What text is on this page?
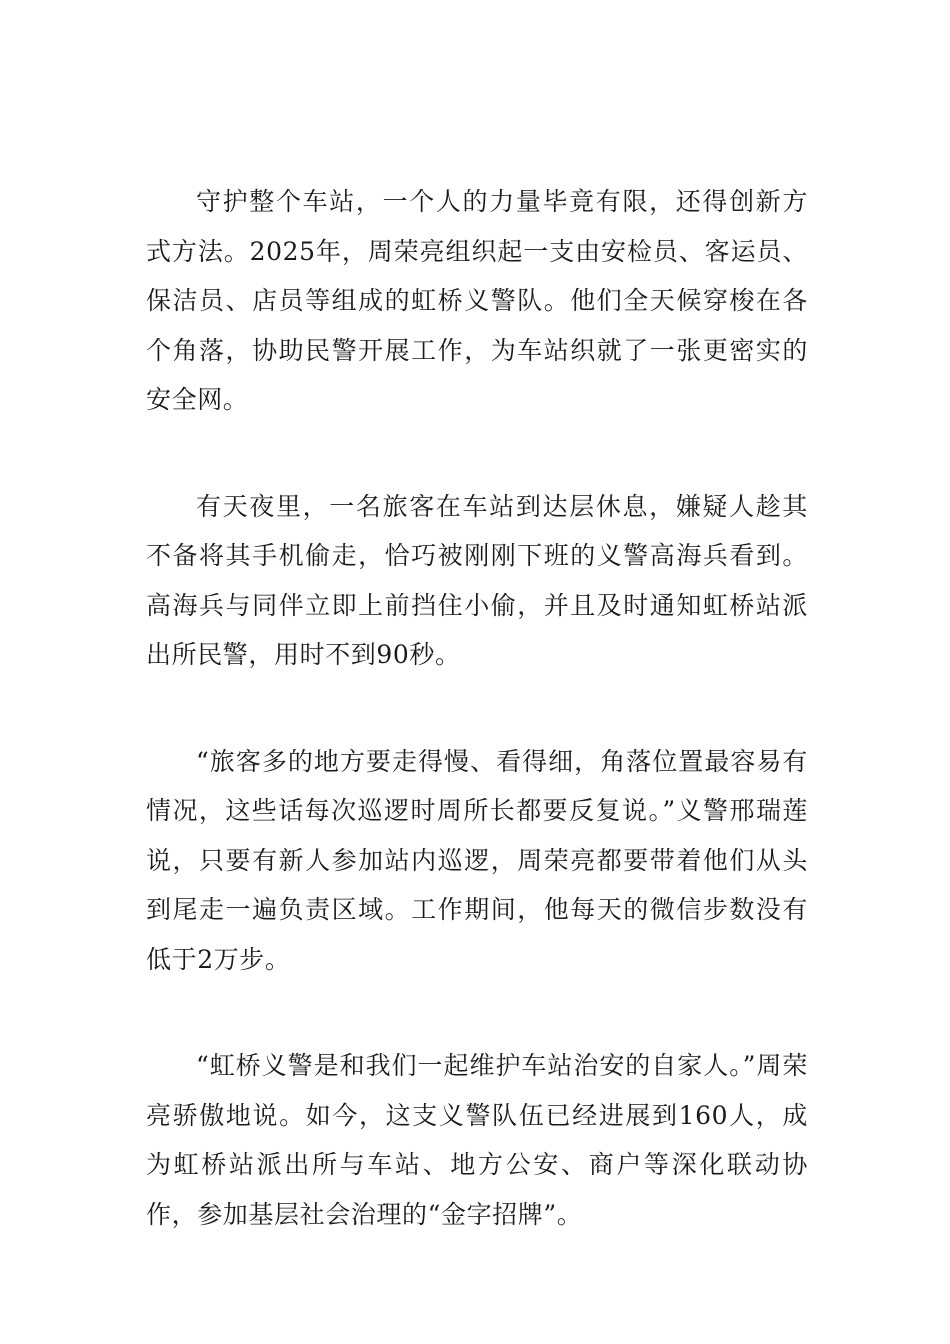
守护整个车站，一个人的力量毕竟有限，还得创新方式方法。2025年，周荣亮组织起一支由安检员、客运员、保洁员、店员等组成的虹桥义警队。他们全天候穿梭在各个角落，协助民警开展工作，为车站织就了一张更密实的安全网。

有天夜里，一名旅客在车站到达层休息，嫌疑人趁其不备将其手机偷走，恰巧被刚刚下班的义警高海兵看到。高海兵与同伴立即上前挡住小偷，并且及时通知虹桥站派出所民警，用时不到90秒。

“旅客多的地方要走得慢、看得细，角落位置最容易有情况，这些话每次巡逻时周所长都要反复说。”义警邢瑞莲说，只要有新人参加站内巡逻，周荣亮都要带着他们从头到尾走一遍负责区域。工作期间，他每天的微信步数没有低于2万步。

“虹桥义警是和我们一起维护车站治安的自家人。”周荣亮骄傲地说。如今，这支义警队伍已经进展到160人，成为虹桥站派出所与车站、地方公安、商户等深化联动协作，参加基层社会治理的“金字招牌”。
